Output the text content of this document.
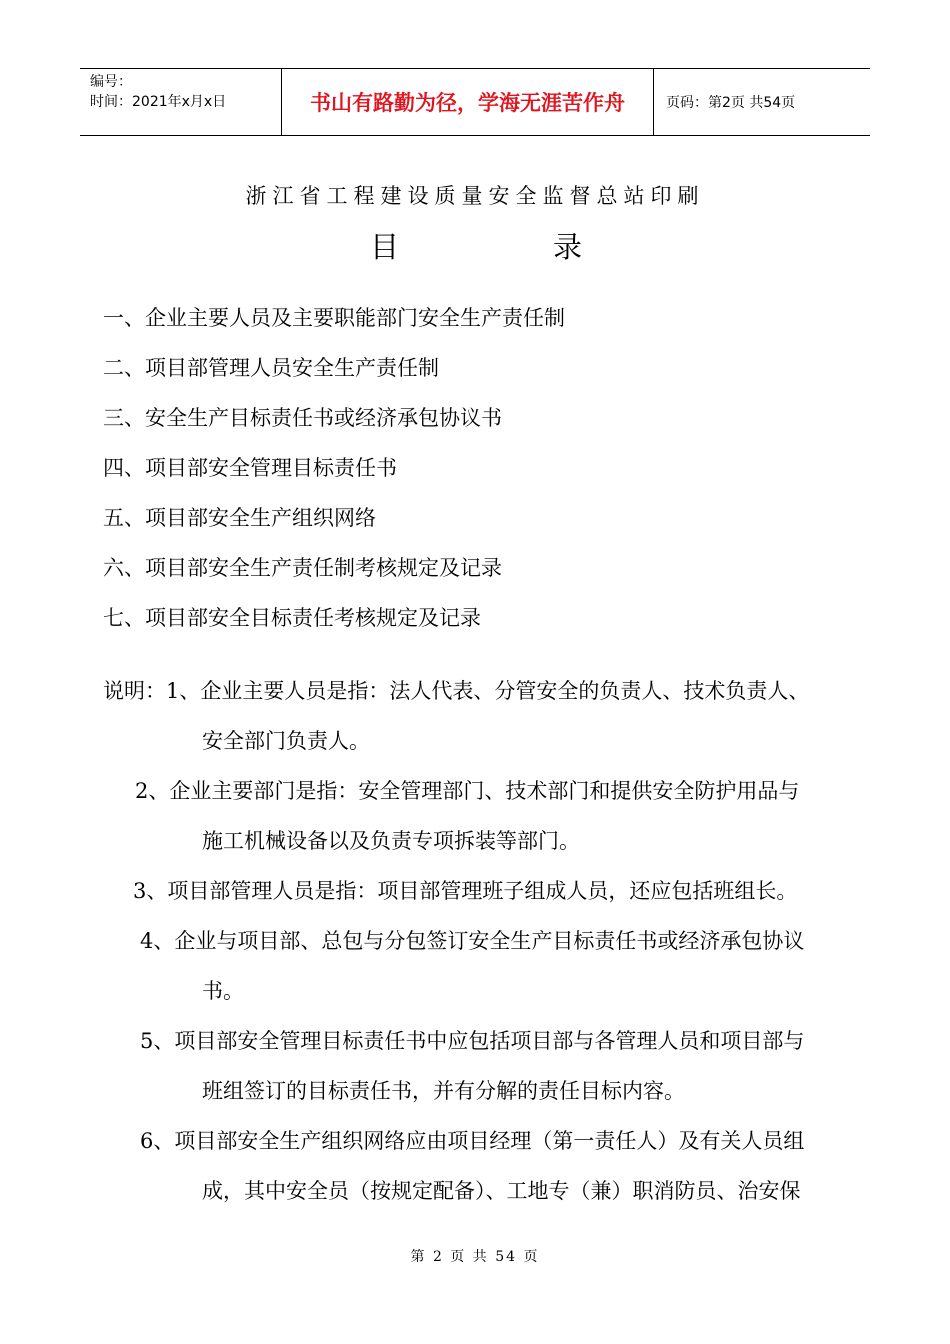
编号：
时间：2021年x月x日	书山有路勤为径，学海无涯苦作舟	页码：第2页 共54页
浙江省工程建设质量安全监督总站印刷
目	录
一、企业主要人员及主要职能部门安全生产责任制
二、项目部管理人员安全生产责任制
三、安全生产目标责任书或经济承包协议书
四、项目部安全管理目标责任书
五、项目部安全生产组织网络
六、项目部安全生产责任制考核规定及记录
七、项目部安全目标责任考核规定及记录
说明：1、企业主要人员是指：法人代表、分管安全的负责人、技术负责人、
安全部门负责人。
2、企业主要部门是指：安全管理部门、技术部门和提供安全防护用品与
施工机械设备以及负责专项拆装等部门。
3、项目部管理人员是指：项目部管理班子组成人员，还应包括班组长。
4、企业与项目部、总包与分包签订安全生产目标责任书或经济承包协议
书。
5、项目部安全管理目标责任书中应包括项目部与各管理人员和项目部与
班组签订的目标责任书，并有分解的责任目标内容。
6、项目部安全生产组织网络应由项目经理（第一责任人）及有关人员组
成，其中安全员（按规定配备）、工地专（兼）职消防员、治安保
第 2 页 共 54 页
